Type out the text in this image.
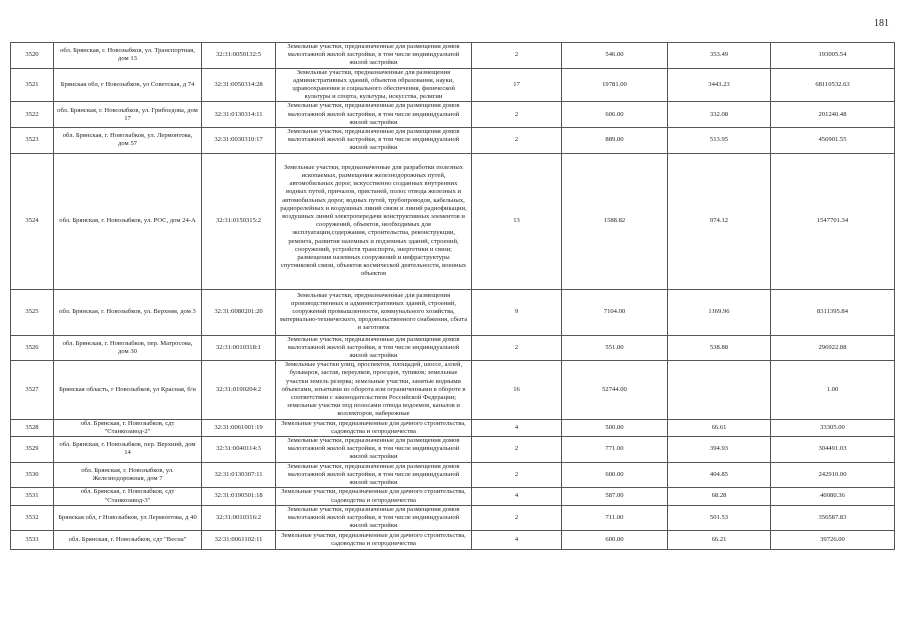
181
3520	обл. Брянская, г. Новозыбков, ул. Транспортная, дом 13	32:31:0050132:5	Земельные участки, предназначенные для размещения домов малоэтажной жилой застройки, в том числе индивидуальной жилой застройки	2	546.00	353.49	193005.54
3521	Брянская обл, г Новозыбков, ул Советская, д 74	32:31:0050314:28	Земельные участки, предназначенные для размещения административных зданий, объектов образования, науки, здравоохранения и социального обеспечения, физической культуры и спорта, культуры, искусства, религии	17	19781.00	3443.23	68110532.63
3522	обл. Брянская, г. Новозыбков, ул. Грибоедова, дом 17	32:31:0130314:11	Земельные участки, предназначенные для размещения домов малоэтажной жилой застройки, в том числе индивидуальной жилой застройки	2	606.00	332.08	201240.48
3523	обл. Брянская, г. Новозыбков, ул. Лермонтова, дом 57	32:31:0030310:17	Земельные участки, предназначенные для размещения домов малоэтажной жилой застройки, в том числе индивидуальной жилой застройки	2	889.00	513.95	456901.55
3524	обл. Брянская, г. Новозыбков, ул. РОС, дом 24-А	32:31:0150315:2	Земельные участки, предназначенные для разработки полезных ископаемых, размещения железнодорожных путей, автомобильных дорог, искусственно созданных внутренних водных путей, причалов, пристаней, полос отвода железных и автомобильных дорог, водных путей, трубопроводов, кабельных, радиорелейных и воздушных линий связи и линий радиофикации, воздушных линий электропередачи конструктивных элементов и сооружений, объектов, необходимых для эксплуатации,содержания, строительства, реконструкции, ремонта, развития наземных и подземных зданий, строений, сооружений, устройств транспорта, энергетики и связи; размещения наземных сооружений и инфраструктуры спутниковой связи, объектов космической деятельности, военных объектов	13	1588.82	974.12	1547701.34
3525	обл. Брянская, г. Новозыбков, ул. Верхняя, дом 3	32:31:0080201:20	Земельные участки, предназначенные для размещения производственных и административных зданий, строений, сооружений промышленности, коммунального хозяйства, материально-технического, продовольственного снабжения, сбыта и заготовок	9	7104.00	1169.96	8311395.84
3526	обл. Брянская, г. Новозыбков, пер. Матросова, дом 30	32:31:0010318:1	Земельные участки, предназначенные для размещения домов малоэтажной жилой застройки, в том числе индивидуальной жилой застройки	2	551.00	538.88	296922.88
3527	Брянская область, г Новозыбков, ул Красная, б/н	32:31:0190204:2	Земельные участки улиц, проспектов, площадей, шоссе, аллей, бульваров, застав, переулков, проездов, тупиков; земельные участки земель резерва; земельные участки, занятые водными объектами, изъятыми из оборота или ограниченными в обороте в соответствии с законодательством Российской Федерации; земельные участки под полосами отвода водоемов, каналов и коллекторов, набережные	16	52744.00		1.00
3528	обл. Брянская, г. Новозыбков, сдт "Станкозавод-2"	32:31:0061001:19	Земельные участки, предназначенные для дачного строительства, садоводства и огородничества	4	500.00	66.61	33305.00
3529	обл. Брянская, г. Новозыбков, пер. Верхний, дом 14	32:31:0040114:3	Земельные участки, предназначенные для размещения домов малоэтажной жилой застройки, в том числе индивидуальной жилой застройки	2	771.00	394.93	304491.03
3530	обл. Брянская, г. Новозыбков, ул. Железнодорожная, дом 7	32:31:0130307:11	Земельные участки, предназначенные для размещения домов малоэтажной жилой застройки, в том числе индивидуальной жилой застройки	2	600.00	404.85	242910.00
3531	обл. Брянская, г. Новозыбков, сдт "Станкозавод-3"	32:31:0190501:18	Земельные участки, предназначенные для дачного строительства, садоводства и огородничества	4	587.00	68.28	40080.36
3532	Брянская обл, г Новозыбков, ул Лермонтова, д 40	32:31:0010316:2	Земельные участки, предназначенные для размещения домов малоэтажной жилой застройки, в том числе индивидуальной жилой застройки	2	711.00	501.53	356587.83
3533	обл. Брянская, г. Новозыбков, сдт "Весна"	32:31:0061102:11	Земельные участки, предназначенные для дачного строительства, садоводства и огородничества	4	600.00	66.21	39726.00
